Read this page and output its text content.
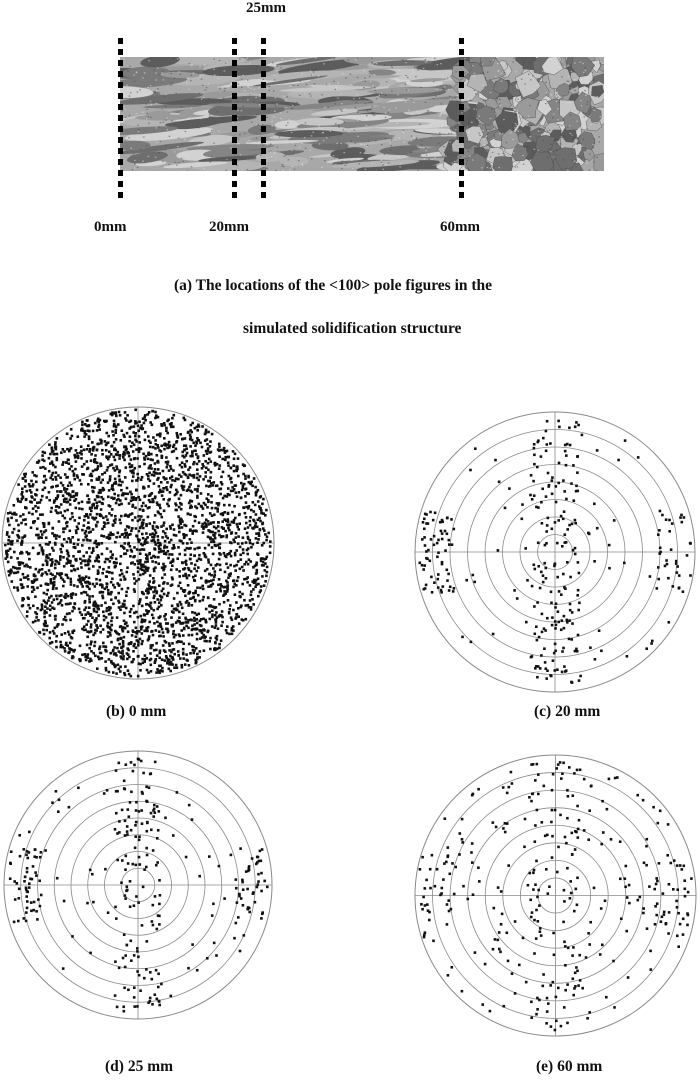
25mm
0mm	20mm	60mm
(a) The locations of the <100> pole figures in the
simulated solidification structure
(b) 0 mm	(c) 20 mm
(d) 25 mm	(e) 60 mm
